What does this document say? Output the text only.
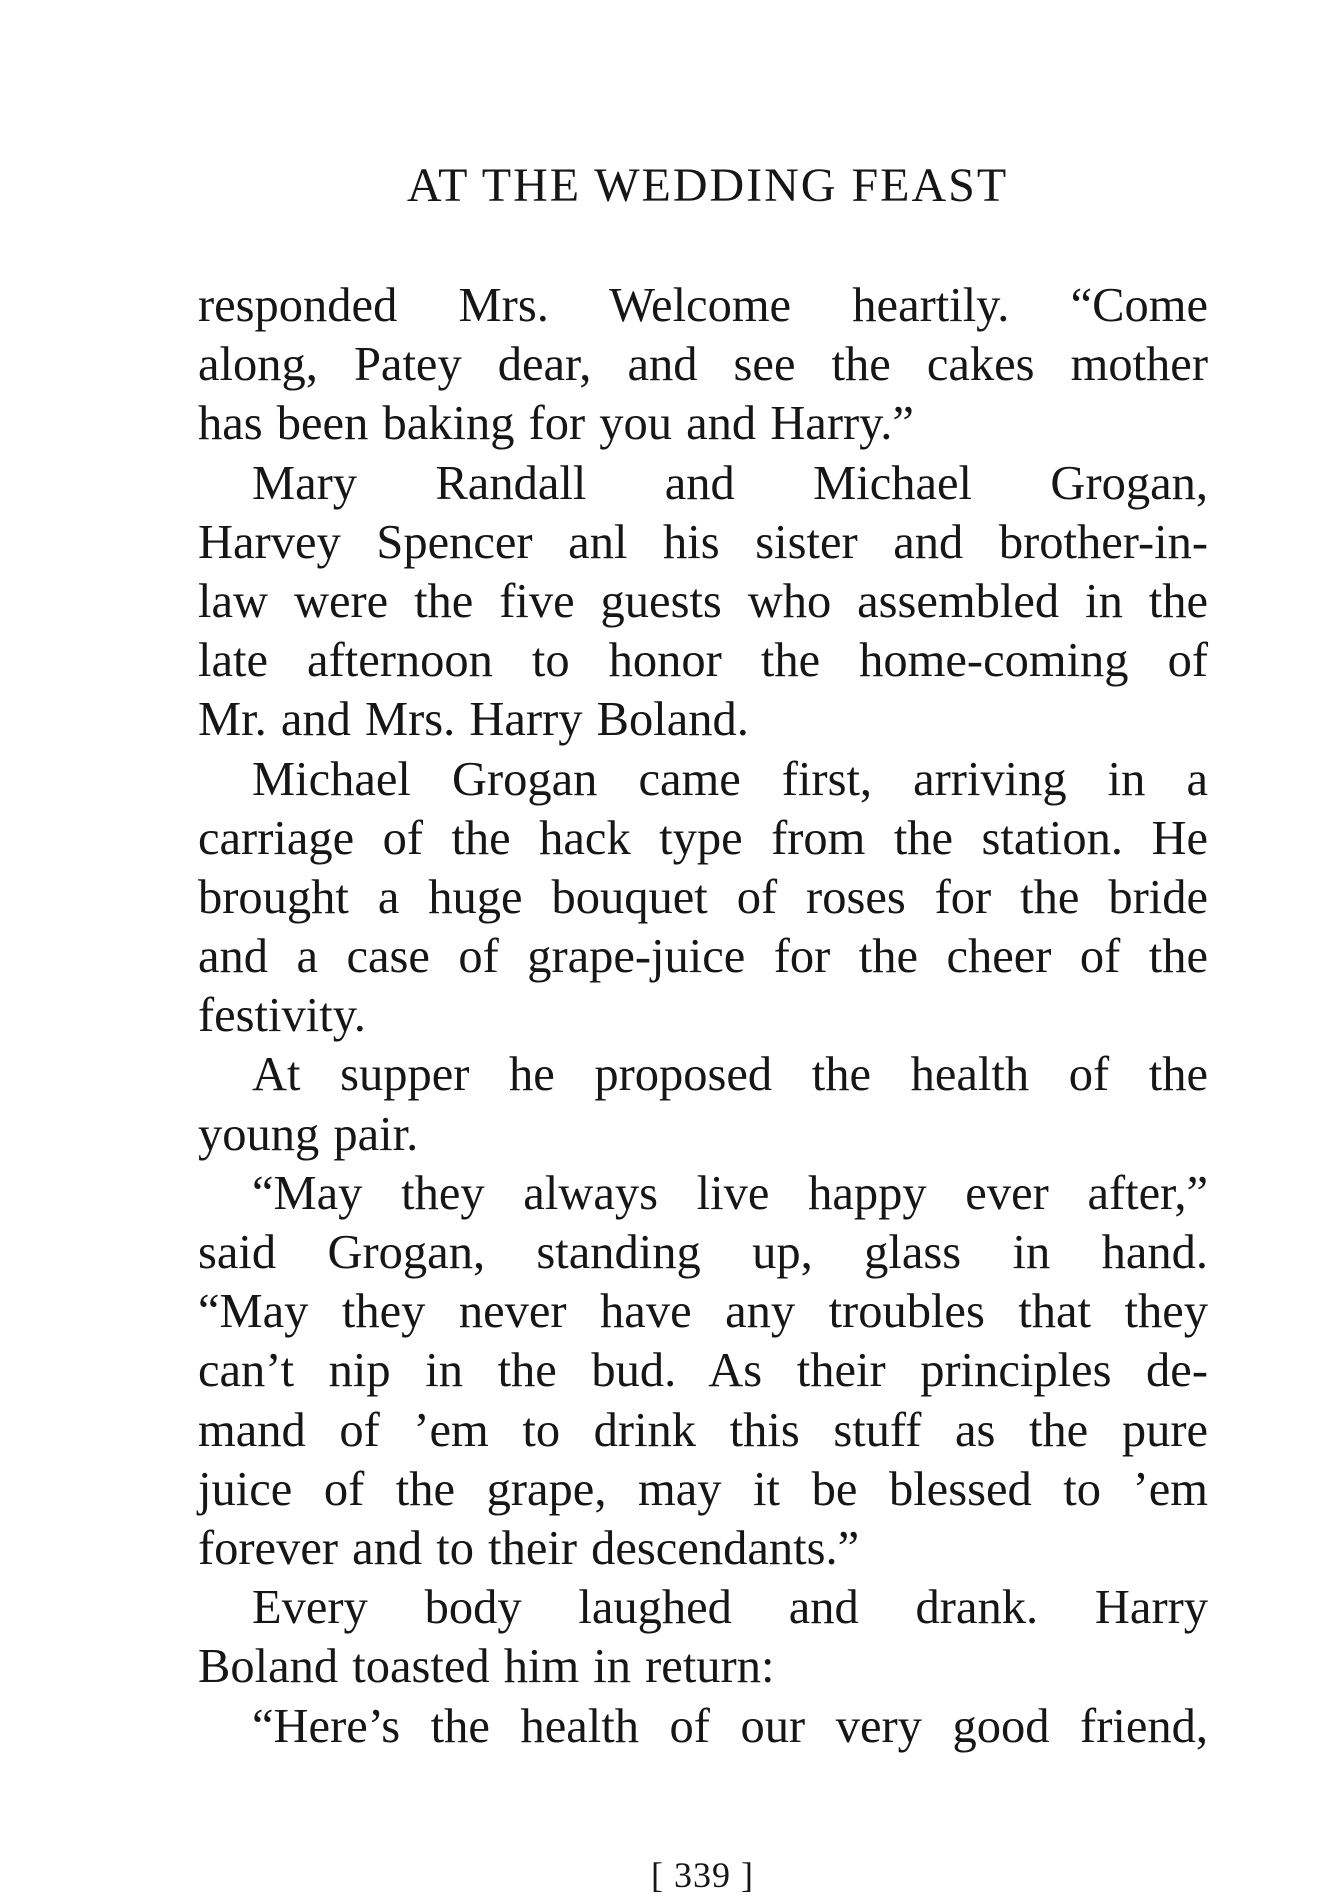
AT THE WEDDING FEAST
responded Mrs. Welcome heartily. “Come
along, Patey dear, and see the cakes mother
has been baking for you and Harry.”
Mary Randall and Michael Grogan,
Harvey Spencer anl his sister and brother-in-
law were the five guests who assembled in the
late afternoon to honor the home-coming of
Mr. and Mrs. Harry Boland.
Michael Grogan came first, arriving in a
carriage of the hack type from the station. He
brought a huge bouquet of roses for the bride
and a case of grape-juice for the cheer of the
festivity.
At supper he proposed the health of the
young pair.
“May they always live happy ever after,”
said Grogan, standing up, glass in hand.
“May they never have any troubles that they
can’t nip in the bud. As their principles de-
mand of ’em to drink this stuff as the pure
juice of the grape, may it be blessed to ’em
forever and to their descendants.”
Every body laughed and drank. Harry
Boland toasted him in return:
“Here’s the health of our very good friend,
[ 339 ]
